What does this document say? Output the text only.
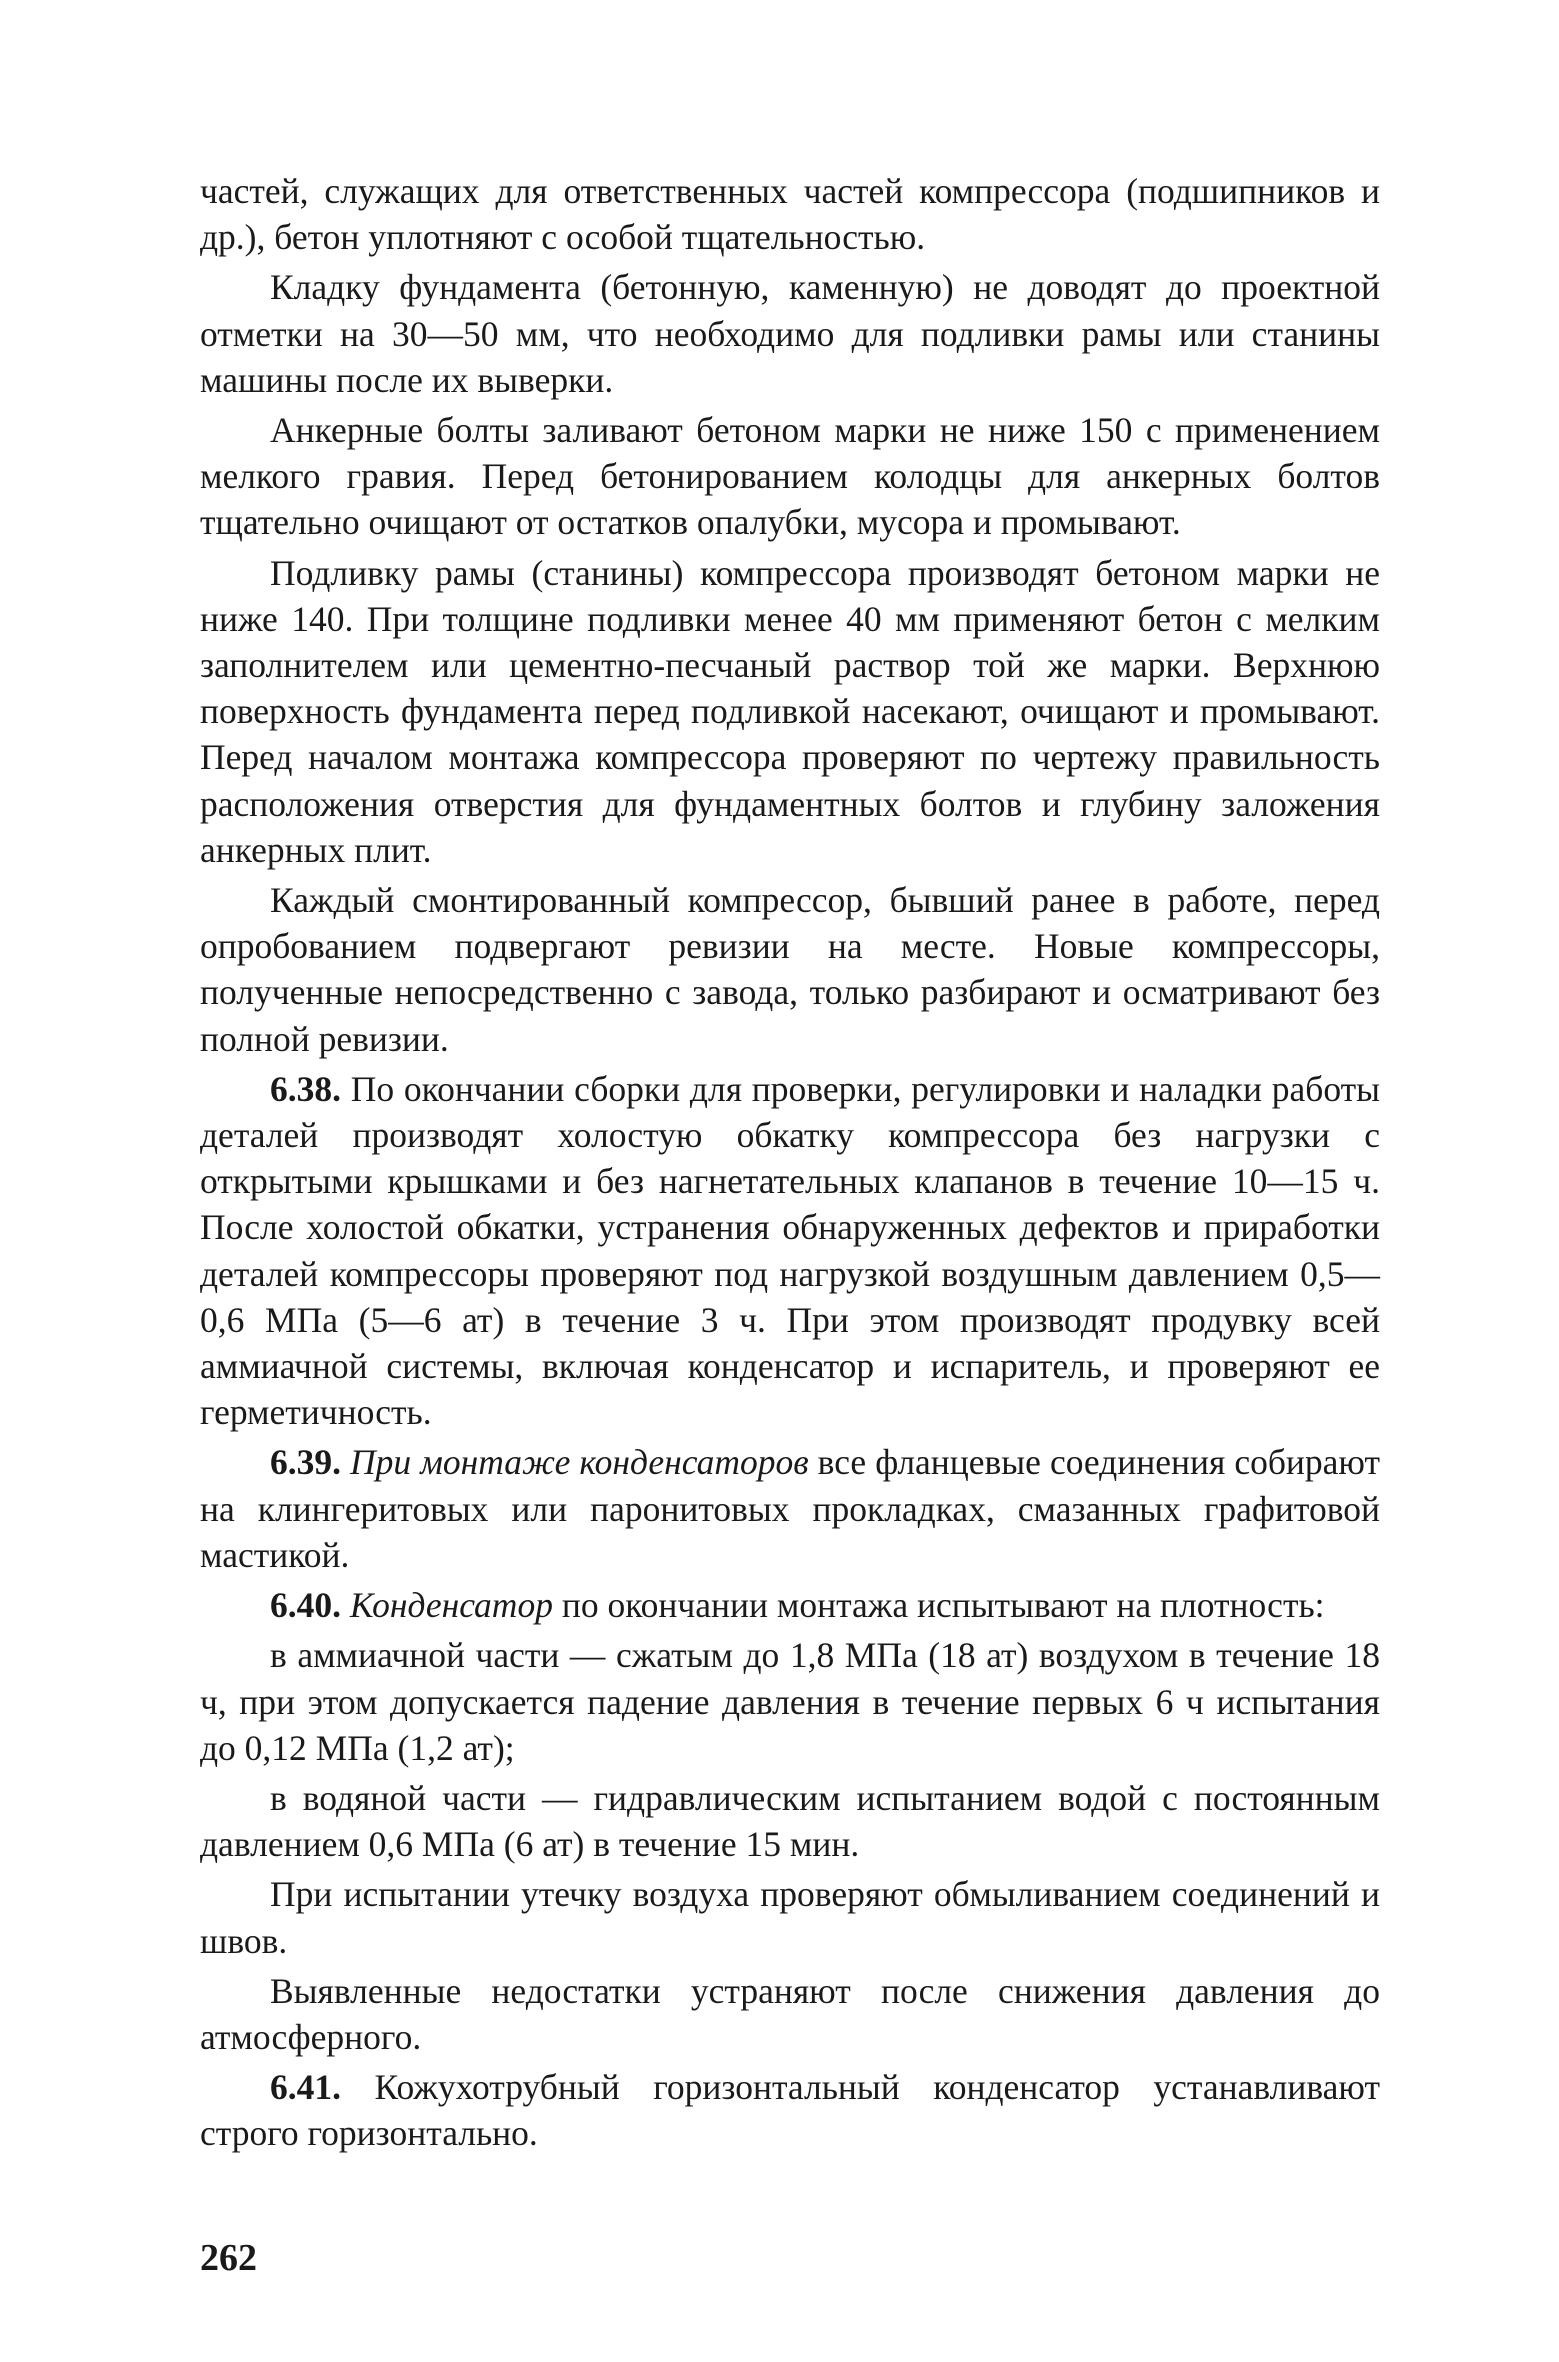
частей, служащих для ответственных частей компрессора (подшипников и др.), бетон уплотняют с особой тщательностью.

Кладку фундамента (бетонную, каменную) не доводят до проектной отметки на 30—50 мм, что необходимо для подливки рамы или станины машины после их выверки.

Анкерные болты заливают бетоном марки не ниже 150 с применением мелкого гравия. Перед бетонированием колодцы для анкерных болтов тщательно очищают от остатков опалубки, мусора и промывают.

Подливку рамы (станины) компрессора производят бетоном марки не ниже 140. При толщине подливки менее 40 мм применяют бетон с мелким заполнителем или цементно-песчаный раствор той же марки. Верхнюю поверхность фундамента перед подливкой насекают, очищают и промывают. Перед началом монтажа компрессора проверяют по чертежу правильность расположения отверстия для фундаментных болтов и глубину заложения анкерных плит.

Каждый смонтированный компрессор, бывший ранее в работе, перед опробованием подвергают ревизии на месте. Новые компрессоры, полученные непосредственно с завода, только разбирают и осматривают без полной ревизии.

6.38. По окончании сборки для проверки, регулировки и наладки работы деталей производят холостую обкатку компрессора без нагрузки с открытыми крышками и без нагнетательных клапанов в течение 10—15 ч. После холостой обкатки, устранения обнаруженных дефектов и приработки деталей компрессоры проверяют под нагрузкой воздушным давлением 0,5—0,6 МПа (5—6 ат) в течение 3 ч. При этом производят продувку всей аммиачной системы, включая конденсатор и испаритель, и проверяют ее герметичность.

6.39. При монтаже конденсаторов все фланцевые соединения собирают на клингеритовых или паронитовых прокладках, смазанных графитовой мастикой.

6.40. Конденсатор по окончании монтажа испытывают на плотность:

в аммиачной части — сжатым до 1,8 МПа (18 ат) воздухом в течение 18 ч, при этом допускается падение давления в течение первых 6 ч испытания до 0,12 МПа (1,2 ат);

в водяной части — гидравлическим испытанием водой с постоянным давлением 0,6 МПа (6 ат) в течение 15 мин.

При испытании утечку воздуха проверяют обмыливанием соединений и швов.

Выявленные недостатки устраняют после снижения давления до атмосферного.

6.41. Кожухотрубный горизонтальный конденсатор устанавливают строго горизонтально.

262
